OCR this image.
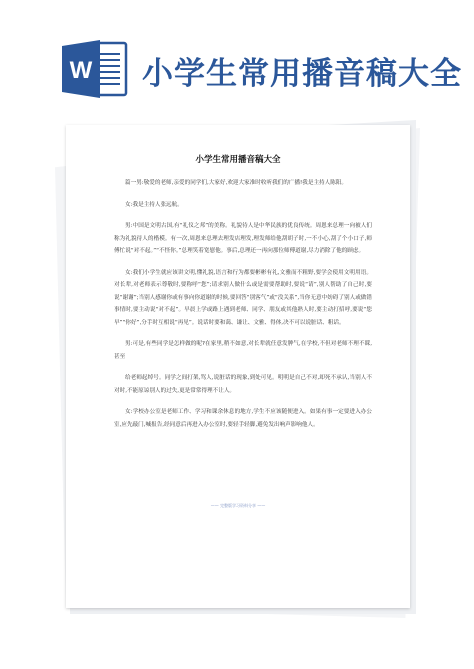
W 小学生常用播音稿大全
小学生常用播音稿大全

篇一男:敬爱的老师,亲爱的同学们,大家好,欢迎大家准时收听我们的广播!我是主持人陈阳。

女:我是主持人张远航。

男:中国是文明古国,有“礼仪之邦”的美称。礼貌待人是中华民族的优良传统。周恩来总理一向被人们称为礼貌待人的楷模。有一次,周恩来总理去理发店理发,理发师给他刮胡子时,一不小心,刮了个小口子,师傅忙说“对不起。”“不怪你。”总理笑着宽慰他。事后,总理还一再向那位师傅道谢,尽力消除了他的顾虑。

女:我们小学生就应该讲文明,懂礼貌,语言和行为都要彬彬有礼,文雅而不粗野,要学会使用文明用语。对长辈,对老师表示尊敬时,要称呼“您”;请求别人做什么或是需要帮助时,要说“请”,别人帮助了自己时,要说“谢谢”;当别人感谢你或有事向你道谢的时候,要回答“别客气”或“没关系”,当你无意中妨碍了别人或做错事情时,要主动说“对不起”。早晨上学或路上遇到老师、同学、朋友或其他熟人时,要主动打招呼,要说“您早”“你好”,分手时互相说“再见”。说话时要和蔼、谦让、文雅、得体,决不可以说脏话、粗话。

男:可是,有些同学是怎样做的呢?在家里,稍不如意,对长辈就任意发脾气,在学校,不但对老师不理不睬,甚至

给老师起绰号。同学之间打架,骂人,说脏话的现象,到处可见。明明是自己不对,却死不承认,当别人不对时,不能原谅别人的过失,更是常常得理不让人。

女:学校办公室是老师工作、学习和课余休息的地方,学生不应该随便进入。如果有事一定要进入办公室,应先敲门,喊报告,经同意后再进入办公室时,要轻手轻脚,避免发出响声影响他人。

—— 完整版学习资料分享 ——
